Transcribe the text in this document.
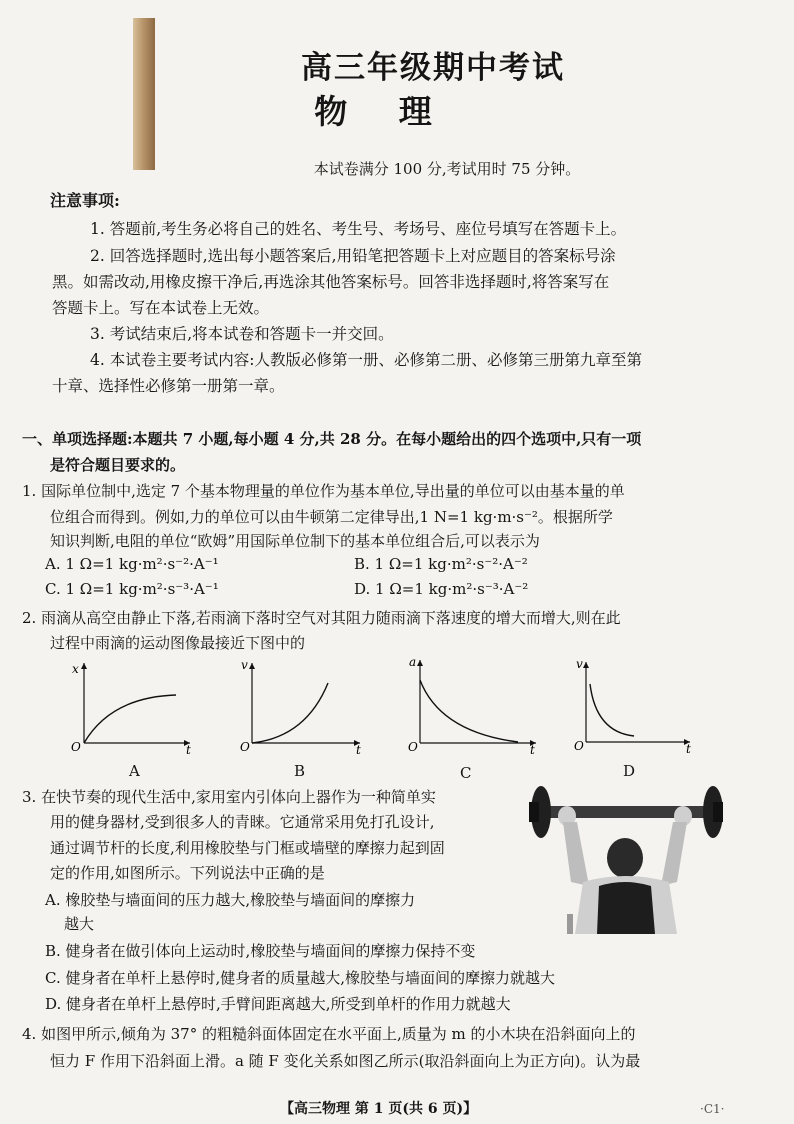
高三年级期中考试
物 理
本试卷满分 100 分,考试用时 75 分钟。
注意事项:
1. 答题前,考生务必将自己的姓名、考生号、考场号、座位号填写在答题卡上。
2. 回答选择题时,选出每小题答案后,用铅笔把答题卡上对应题目的答案标号涂
黑。如需改动,用橡皮擦干净后,再选涂其他答案标号。回答非选择题时,将答案写在
答题卡上。写在本试卷上无效。
3. 考试结束后,将本试卷和答题卡一并交回。
4. 本试卷主要考试内容:人教版必修第一册、必修第二册、必修第三册第九章至第
十章、选择性必修第一册第一章。
一、单项选择题:本题共 7 小题,每小题 4 分,共 28 分。在每小题给出的四个选项中,只有一项
是符合题目要求的。
1. 国际单位制中,选定 7 个基本物理量的单位作为基本单位,导出量的单位可以由基本量的单
位组合而得到。例如,力的单位可以由牛顿第二定律导出,1 N=1 kg·m·s⁻²。根据所学
知识判断,电阻的单位“欧姆”用国际单位制下的基本单位组合后,可以表示为
A. 1 Ω=1 kg·m²·s⁻²·A⁻¹	B. 1 Ω=1 kg·m²·s⁻²·A⁻²
C. 1 Ω=1 kg·m²·s⁻³·A⁻¹	D. 1 Ω=1 kg·m²·s⁻³·A⁻²
2. 雨滴从高空由静止下落,若雨滴下落时空气对其阻力随雨滴下落速度的增大而增大,则在此
过程中雨滴的运动图像最接近下图中的
x
t
O
A
v
t
O
B
a
t
O
C
v
t
O
D
3. 在快节奏的现代生活中,家用室内引体向上器作为一种简单实
用的健身器材,受到很多人的青睐。它通常采用免打孔设计,
通过调节杆的长度,利用橡胶垫与门框或墙壁的摩擦力起到固
定的作用,如图所示。下列说法中正确的是
A. 橡胶垫与墙面间的压力越大,橡胶垫与墙面间的摩擦力
越大
B. 健身者在做引体向上运动时,橡胶垫与墙面间的摩擦力保持不变
C. 健身者在单杆上悬停时,健身者的质量越大,橡胶垫与墙面间的摩擦力就越大
D. 健身者在单杆上悬停时,手臂间距离越大,所受到单杆的作用力就越大
4. 如图甲所示,倾角为 37° 的粗糙斜面体固定在水平面上,质量为 m 的小木块在沿斜面向上的
恒力 F 作用下沿斜面上滑。a 随 F 变化关系如图乙所示(取沿斜面向上为正方向)。认为最
【高三物理 第 1 页(共 6 页)】	·C1·
